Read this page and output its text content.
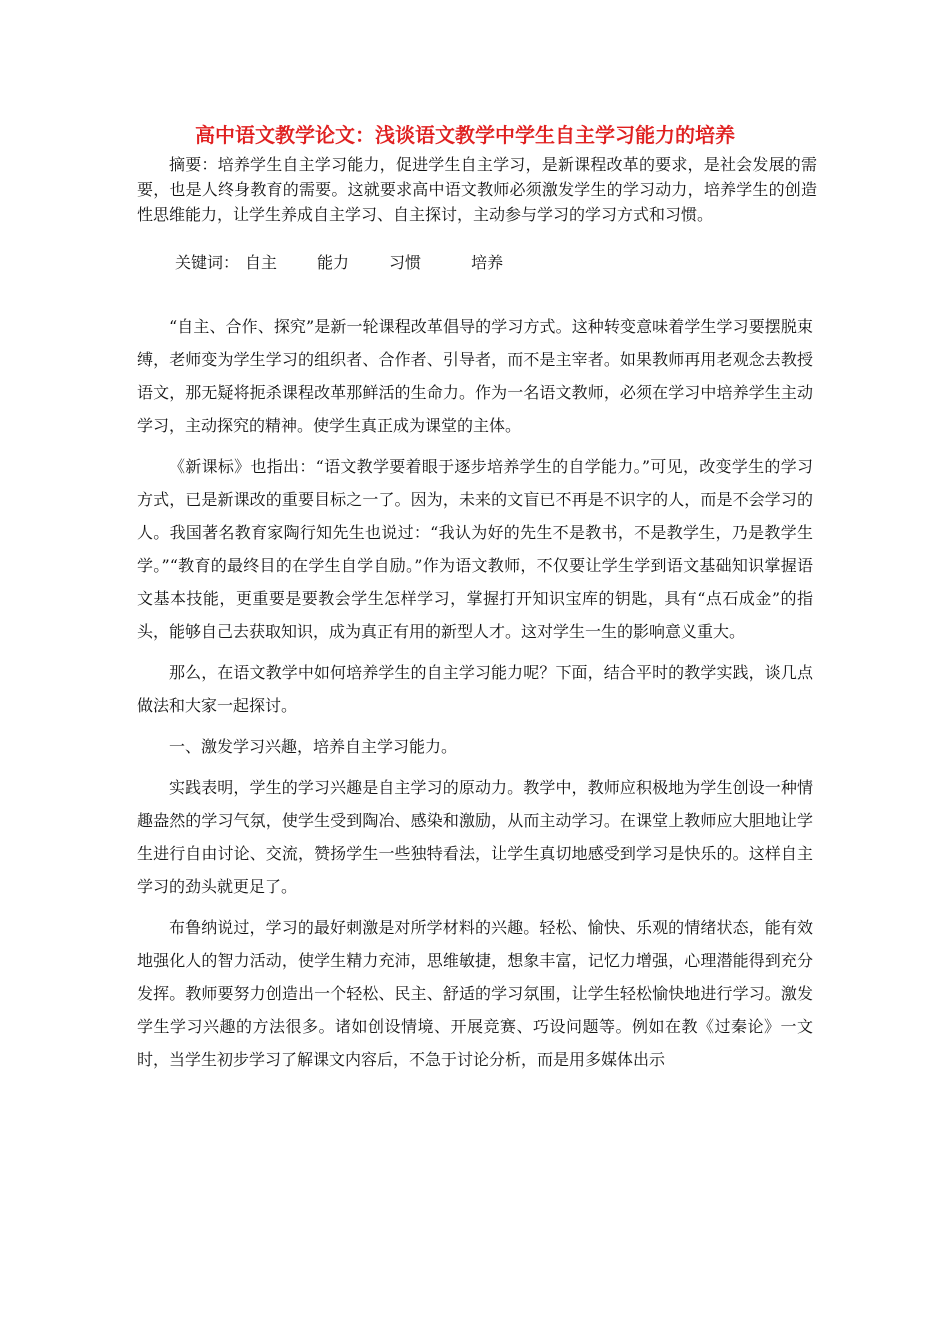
高中语文教学论文：浅谈语文教学中学生自主学习能力的培养

摘要：培养学生自主学习能力，促进学生自主学习，是新课程改革的要求，是社会发展的需要，也是人终身教育的需要。这就要求高中语文教师必须激发学生的学习动力，培养学生的创造性思维能力，让学生养成自主学习、自主探讨，主动参与学习的学习方式和习惯。

关键词： 自主	能力	习惯	培养

“自主、合作、探究”是新一轮课程改革倡导的学习方式。这种转变意味着学生学习要摆脱束缚，老师变为学生学习的组织者、合作者、引导者，而不是主宰者。如果教师再用老观念去教授语文，那无疑将扼杀课程改革那鲜活的生命力。作为一名语文教师，必须在学习中培养学生主动学习，主动探究的精神。使学生真正成为课堂的主体。

《新课标》也指出：“语文教学要着眼于逐步培养学生的自学能力。”可见，改变学生的学习方式，已是新课改的重要目标之一了。因为，未来的文盲已不再是不识字的人，而是不会学习的人。我国著名教育家陶行知先生也说过：“我认为好的先生不是教书，不是教学生，乃是教学生学。”“教育的最终目的在学生自学自励。”作为语文教师，不仅要让学生学到语文基础知识掌握语文基本技能，更重要是要教会学生怎样学习，掌握打开知识宝库的钥匙，具有“点石成金”的指头，能够自己去获取知识，成为真正有用的新型人才。这对学生一生的影响意义重大。

那么，在语文教学中如何培养学生的自主学习能力呢？下面，结合平时的教学实践，谈几点做法和大家一起探讨。

一、激发学习兴趣，培养自主学习能力。

实践表明，学生的学习兴趣是自主学习的原动力。教学中，教师应积极地为学生创设一种情趣盎然的学习气氛，使学生受到陶冶、感染和激励，从而主动学习。在课堂上教师应大胆地让学生进行自由讨论、交流，赞扬学生一些独特看法，让学生真切地感受到学习是快乐的。这样自主学习的劲头就更足了。

布鲁纳说过，学习的最好刺激是对所学材料的兴趣。轻松、愉快、乐观的情绪状态，能有效地强化人的智力活动，使学生精力充沛，思维敏捷，想象丰富，记忆力增强，心理潜能得到充分发挥。教师要努力创造出一个轻松、民主、舒适的学习氛围，让学生轻松愉快地进行学习。激发学生学习兴趣的方法很多。诸如创设情境、开展竞赛、巧设问题等。例如在教《过秦论》一文时，当学生初步学习了解课文内容后，不急于讨论分析，而是用多媒体出示
